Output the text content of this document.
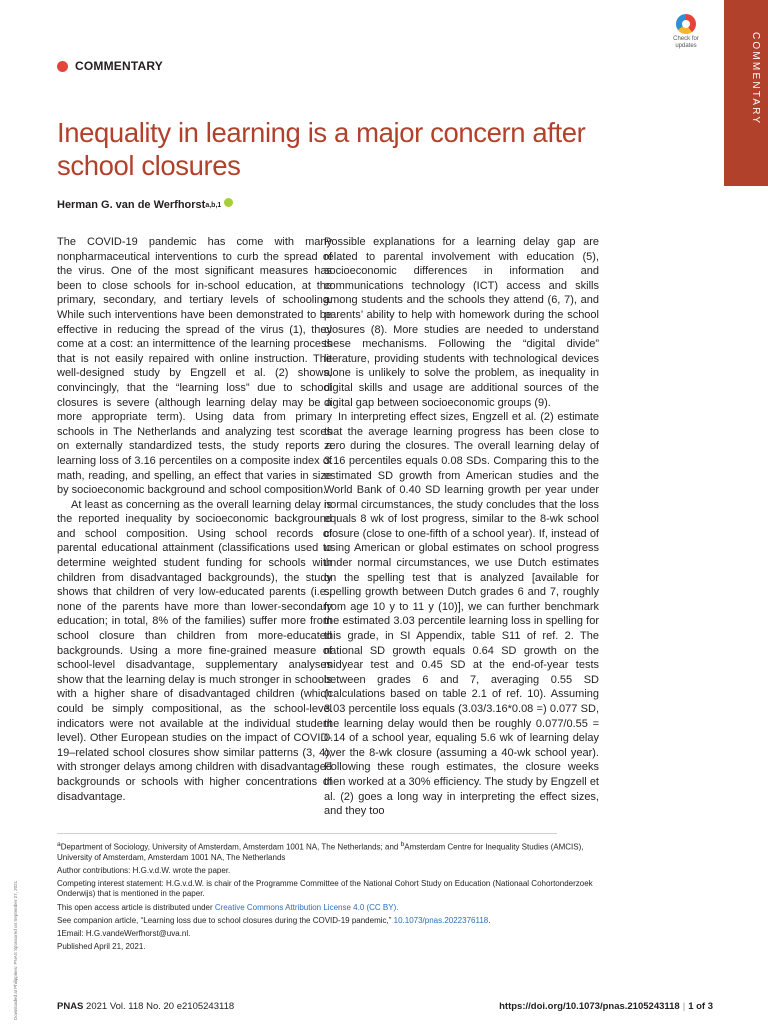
COMMENTARY
Check for
updates
COMMENTARY
Inequality in learning is a major concern after school closures
Herman G. van de Werfhorst a,b,1

The COVID-19 pandemic has come with many nonpharmaceutical interventions to curb the spread of the virus. One of the most significant measures has been to close schools for in-school education, at the primary, secondary, and tertiary levels of schooling. While such interventions have been demonstrated to be effective in reducing the spread of the virus (1), they come at a cost: an intermittence of the learning process that is not easily repaired with online instruction. The well-designed study by Engzell et al. (2) shows, convincingly, that the “learning loss” due to school closures is severe (although learning delay may be a more appropriate term). Using data from primary schools in The Netherlands and analyzing test scores on externally standardized tests, the study reports a learning loss of 3.16 percentiles on a composite index of math, reading, and spelling, an effect that varies in size by socioeconomic background and school composition.

At least as concerning as the overall learning delay is the reported inequality by socioeconomic background and school composition. Using school records of parental educational attainment (classifications used to determine weighted student funding for schools with children from disadvantaged backgrounds), the study shows that children of very low-educated parents (i.e., none of the parents have more than lower-secondary education; in total, 8% of the families) suffer more from school closure than children from more-educated backgrounds. Using a more fine-grained measure of school-level disadvantage, supplementary analyses show that the learning delay is much stronger in schools with a higher share of disadvantaged children (which could be simply compositional, as the school-level indicators were not available at the individual student level). Other European studies on the impact of COVID-19–related school closures show similar patterns (3, 4), with stronger delays among children with disadvantaged backgrounds or schools with higher concentrations of disadvantage.

Possible explanations for a learning delay gap are related to parental involvement with education (5), socioeconomic differences in information and communications technology (ICT) access and skills among students and the schools they attend (6, 7), and parents’ ability to help with homework during the school closures (8). More studies are needed to understand these mechanisms. Following the “digital divide” literature, providing students with technological devices alone is unlikely to solve the problem, as inequality in digital skills and usage are additional sources of the digital gap between socioeconomic groups (9).

In interpreting effect sizes, Engzell et al. (2) estimate that the average learning progress has been close to zero during the closures. The overall learning delay of 3.16 percentiles equals 0.08 SDs. Comparing this to the estimated SD growth from American studies and the World Bank of 0.40 SD learning growth per year under normal circumstances, the study concludes that the loss equals 8 wk of lost progress, similar to the 8-wk school closure (close to one-fifth of a school year). If, instead of using American or global estimates on school progress under normal circumstances, we use Dutch estimates on the spelling test that is analyzed [available for spelling growth between Dutch grades 6 and 7, roughly from age 10 y to 11 y (10)], we can further benchmark the estimated 3.03 percentile learning loss in spelling for this grade, in SI Appendix, table S11 of ref. 2. The national SD growth equals 0.64 SD growth on the midyear test and 0.45 SD at the end-of-year tests between grades 6 and 7, averaging 0.55 SD (calculations based on table 2.1 of ref. 10). Assuming 3.03 percentile loss equals (3.03/3.16*0.08 =) 0.077 SD, the learning delay would then be roughly 0.077/0.55 = 0.14 of a school year, equaling 5.6 wk of learning delay over the 8-wk closure (assuming a 40-wk school year). Following these rough estimates, the closure weeks then worked at a 30% efficiency. The study by Engzell et al. (2) goes a long way in interpreting the effect sizes, and they too

$^a$Department of Sociology, University of Amsterdam, Amsterdam 1001 NA, The Netherlands; and $^b$Amsterdam Centre for Inequality Studies (AMCIS), University of Amsterdam, Amsterdam 1001 NA, The Netherlands

Author contributions: H.G.v.d.W. wrote the paper.

Competing interest statement: H.G.v.d.W. is chair of the Programme Committee of the National Cohort Study on Education (Nationaal Cohortonderzoek Onderwijs) that is mentioned in the paper.

This open access article is distributed under Creative Commons Attribution License 4.0 (CC BY).

See companion article, “Learning loss due to school closures during the COVID-19 pandemic,” 10.1073/pnas.2022376118.

1Email: H.G.vandeWerfhorst@uva.nl.

Published April 21, 2021.

PNAS 2021 Vol. 118 No. 20 e2105243118	https://doi.org/10.1073/pnas.2105243118 | 1 of 3
Downloaded at Philippines: PNAS Sponsored on September 27, 2021
